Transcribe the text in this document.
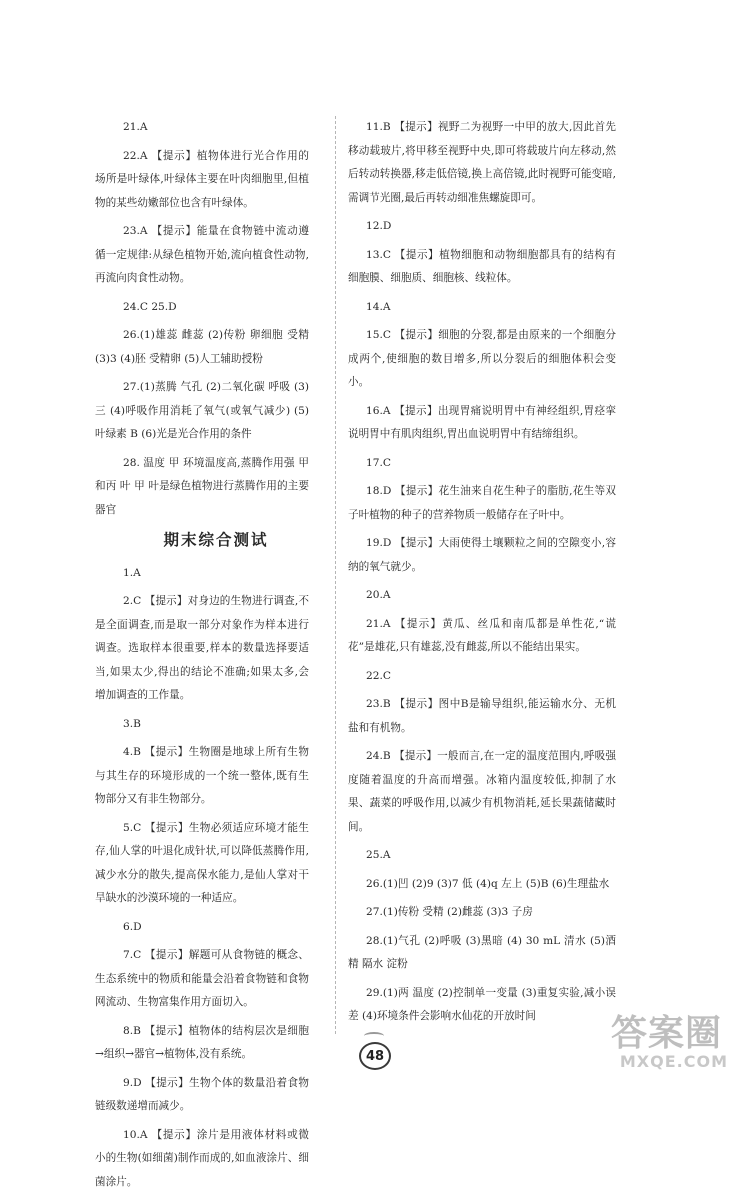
21.A
22.A 【提示】植物体进行光合作用的场所是叶绿体,叶绿体主要在叶肉细胞里,但植物的某些幼嫩部位也含有叶绿体。
23.A 【提示】能量在食物链中流动遵循一定规律:从绿色植物开始,流向植食性动物,再流向肉食性动物。
24.C 25.D
26.(1)雄蕊 雌蕊 (2)传粉 卵细胞 受精 (3)3 (4)胚 受精卵 (5)人工辅助授粉
27.(1)蒸腾 气孔 (2)二氧化碳 呼吸 (3)三 (4)呼吸作用消耗了氧气(或氧气减少) (5)叶绿素 B (6)光是光合作用的条件
28. 温度 甲 环境温度高,蒸腾作用强 甲和丙 叶 甲 叶是绿色植物进行蒸腾作用的主要器官
期末综合测试
1.A
2.C 【提示】对身边的生物进行调查,不是全面调查,而是取一部分对象作为样本进行调查。选取样本很重要,样本的数量选择要适当,如果太少,得出的结论不准确;如果太多,会增加调查的工作量。
3.B
4.B 【提示】生物圈是地球上所有生物与其生存的环境形成的一个统一整体,既有生物部分又有非生物部分。
5.C 【提示】生物必须适应环境才能生存,仙人掌的叶退化成针状,可以降低蒸腾作用,减少水分的散失,提高保水能力,是仙人掌对干旱缺水的沙漠环境的一种适应。
6.D
7.C 【提示】解题可从食物链的概念、生态系统中的物质和能量会沿着食物链和食物网流动、生物富集作用方面切入。
8.B 【提示】植物体的结构层次是细胞→组织→器官→植物体,没有系统。
9.D 【提示】生物个体的数量沿着食物链级数递增而减少。
10.A 【提示】涂片是用液体材料或微小的生物(如细菌)制作而成的,如血液涂片、细菌涂片。
11.B 【提示】视野二为视野一中甲的放大,因此首先移动载玻片,将甲移至视野中央,即可将载玻片向左移动,然后转动转换器,移走低倍镜,换上高倍镜,此时视野可能变暗,需调节光圈,最后再转动细准焦螺旋即可。
12.D
13.C 【提示】植物细胞和动物细胞都具有的结构有细胞膜、细胞质、细胞核、线粒体。
14.A
15.C 【提示】细胞的分裂,都是由原来的一个细胞分成两个,使细胞的数目增多,所以分裂后的细胞体积会变小。
16.A 【提示】出现胃痛说明胃中有神经组织,胃痉挛说明胃中有肌肉组织,胃出血说明胃中有结缔组织。
17.C
18.D 【提示】花生油来自花生种子的脂肪,花生等双子叶植物的种子的营养物质一般储存在子叶中。
19.D 【提示】大雨使得土壤颗粒之间的空隙变小,容纳的氧气就少。
20.A
21.A 【提示】黄瓜、丝瓜和南瓜都是单性花,“谎花”是雄花,只有雄蕊,没有雌蕊,所以不能结出果实。
22.C
23.B 【提示】图中B是输导组织,能运输水分、无机盐和有机物。
24.B 【提示】一般而言,在一定的温度范围内,呼吸强度随着温度的升高而增强。冰箱内温度较低,抑制了水果、蔬菜的呼吸作用,以减少有机物消耗,延长果蔬储藏时间。
25.A
26.(1)凹 (2)9 (3)7 低 (4)q 左上 (5)B (6)生理盐水
27.(1)传粉 受精 (2)雌蕊 (3)3 子房
28.(1)气孔 (2)呼吸 (3)黑暗 (4) 30 mL 清水 (5)酒精 隔水 淀粉
29.(1)两 温度 (2)控制单一变量 (3)重复实验,减小误差 (4)环境条件会影响水仙花的开放时间
48
答案圈
MXQE.COM
